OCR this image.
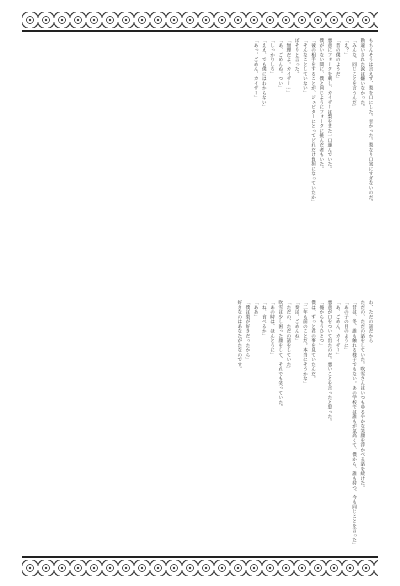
もちんそうは言えず、梨を口にした。甘かった。梨なり口実にすぎないのだ。

勘違いされた涙は嫌いなかった。

「みんな、同じことを言うんだ」

「え？」

「昔の僕のようだ」

悪意にフォークを刺し、カイザーは梨をまた一口運んでいた。

僕がいない間に、僕と同じようにフォークに挑んだ者もいた。

「彼の相手をすることが、ジュピターにとってどれだけ負担になっていたか」

「そんなことしていない」

ぼそりと言った。

「無理だよ。カイザー…」

「あ、ごめんね。つい」

「しっかりしろ」

「ええ、でも僕にはわからない」

「あっ、ごめん、カイザー」

わ、ただの話だから

ただの、ただの話をしていた。吹雪さんはいつもゆるやかな笑顔を浮かべる話を続けた。

「昔は、冬、誰も触れる様子でもない。あの学校では誰もが気高くて、僕から、誰も持つ、今も同じことを言った」

「あの子の目のように」

「あ、ごめん、カイザー」

悪意が口をついて出たのだ。悪いことを言ったと思った。

「俺からもうひとつ」

僕は、ずっと君の事を見ていたんだ。

「二年も前のことだ。本当にそうかな」

「奏は、ごめんね」

「ただの、ただの話をしていた」

吹雪は少し困った顔をして、それでも笑っていた。

「あの時は、ほんとうに」

「ね、食べるか」

「ああ」

「僕は梨が好きだったから」

好きなのはあなたがたなのです。
